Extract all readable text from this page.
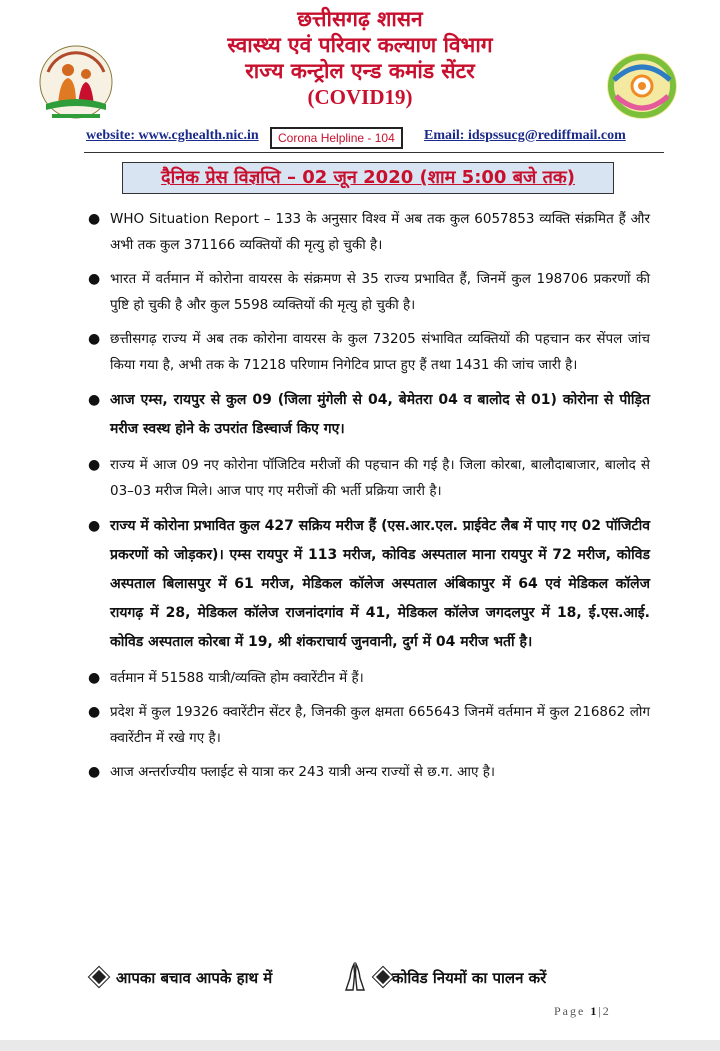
छत्तीसगढ़ शासन
स्वास्थ्य एवं परिवार कल्याण विभाग
राज्य कन्ट्रोल एन्ड कमांड सेंटर
(COVID19)
website: www.cghealth.nic.in	Corona Helpline - 104	Email: idspssucg@rediffmail.com
दैनिक प्रेस विज्ञप्ति – 02 जून 2020 (शाम 5:00 बजे तक)
● WHO Situation Report – 133 के अनुसार विश्व में अब तक कुल 6057853 व्यक्ति संक्रमित हैं और अभी तक कुल 371166 व्यक्तियों की मृत्यु हो चुकी है।
● भारत में वर्तमान में कोरोना वायरस के संक्रमण से 35 राज्य प्रभावित हैं, जिनमें कुल 198706 प्रकरणों की पुष्टि हो चुकी है और कुल 5598 व्यक्तियों की मृत्यु हो चुकी है।
● छत्तीसगढ़ राज्य में अब तक कोरोना वायरस के कुल 73205 संभावित व्यक्तियों की पहचान कर सेंपल जांच किया गया है, अभी तक के 71218 परिणाम निगेटिव प्राप्त हुए हैं तथा 1431 की जांच जारी है।
● आज एम्स, रायपुर से कुल 09 (जिला मुंगेली से 04, बेमेतरा 04 व बालोद से 01) कोरोना से पीड़ित मरीज स्वस्थ होने के उपरांत डिस्चार्ज किए गए।
● राज्य में आज 09 नए कोरोना पॉजिटिव मरीजों की पहचान की गई है। जिला कोरबा, बालौदाबाजार, बालोद से 03–03 मरीज मिले। आज पाए गए मरीजों की भर्ती प्रक्रिया जारी है।
● राज्य में कोरोना प्रभावित कुल 427 सक्रिय मरीज हैं (एस.आर.एल. प्राईवेट लैब में पाए गए 02 पॉजिटीव प्रकरणों को जोड़कर)। एम्स रायपुर में 113 मरीज, कोविड अस्पताल माना रायपुर में 72 मरीज, कोविड अस्पताल बिलासपुर में 61 मरीज, मेडिकल कॉलेज अस्पताल अंबिकापुर में 64 एवं मेडिकल कॉलेज रायगढ़ में 28, मेडिकल कॉलेज राजनांदगांव में 41, मेडिकल कॉलेज जगदलपुर में 18, ई.एस.आई. कोविड अस्पताल कोरबा में 19, श्री शंकराचार्य जुनवानी, दुर्ग में 04 मरीज भर्ती है।
● वर्तमान में 51588 यात्री/व्यक्ति होम क्वारेंटीन में हैं।
● प्रदेश में कुल 19326 क्वारेंटीन सेंटर है, जिनकी कुल क्षमता 665643 जिनमें वर्तमान में कुल 216862 लोग क्वारेंटीन में रखे गए है।
● आज अन्तर्राज्यीय फ्लाईट से यात्रा कर 243 यात्री अन्य राज्यों से छ.ग. आए है।
आपका बचाव आपके हाथ में	कोविड नियमों का पालन करें
Page 1|2
